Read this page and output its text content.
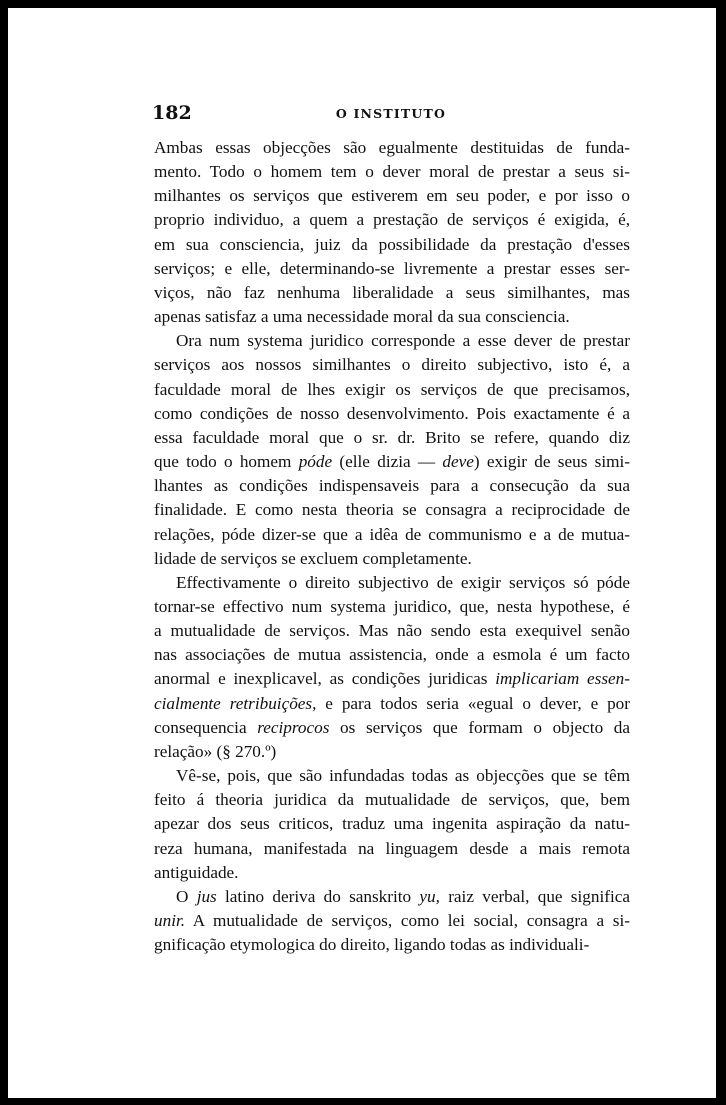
182	O INSTITUTO
Ambas essas objecções são egualmente destituidas de funda-
mento. Todo o homem tem o dever moral de prestar a seus si-
milhantes os serviços que estiverem em seu poder, e por isso o
proprio individuo, a quem a prestação de serviços é exigida, é,
em sua consciencia, juiz da possibilidade da prestação d'esses
serviços; e elle, determinando-se livremente a prestar esses ser-
viços, não faz nenhuma liberalidade a seus similhantes, mas
apenas satisfaz a uma necessidade moral da sua consciencia.
Ora num systema juridico corresponde a esse dever de prestar
serviços aos nossos similhantes o direito subjectivo, isto é, a
faculdade moral de lhes exigir os serviços de que precisamos,
como condições de nosso desenvolvimento. Pois exactamente é a
essa faculdade moral que o sr. dr. Brito se refere, quando diz
que todo o homem póde (elle dizia — deve) exigir de seus simi-
lhantes as condições indispensaveis para a consecução da sua
finalidade. E como nesta theoria se consagra a reciprocidade de
relações, póde dizer-se que a idêa de communismo e a de mutua-
lidade de serviços se excluem completamente.
Effectivamente o direito subjectivo de exigir serviços só póde
tornar-se effectivo num systema juridico, que, nesta hypothese, é
a mutualidade de serviços. Mas não sendo esta exequivel senão
nas associações de mutua assistencia, onde a esmola é um facto
anormal e inexplicavel, as condições juridicas implicariam essen-
cialmente retribuições, e para todos seria «egual o dever, e por
consequencia reciprocos os serviços que formam o objecto da
relação» (§ 270.º)
Vê-se, pois, que são infundadas todas as objecções que se têm
feito á theoria juridica da mutualidade de serviços, que, bem
apezar dos seus criticos, traduz uma ingenita aspiração da natu-
reza humana, manifestada na linguagem desde a mais remota
antiguidade.
O jus latino deriva do sanskrito yu, raiz verbal, que significa
unir. A mutualidade de serviços, como lei social, consagra a si-
gnificação etymologica do direito, ligando todas as individuali-
